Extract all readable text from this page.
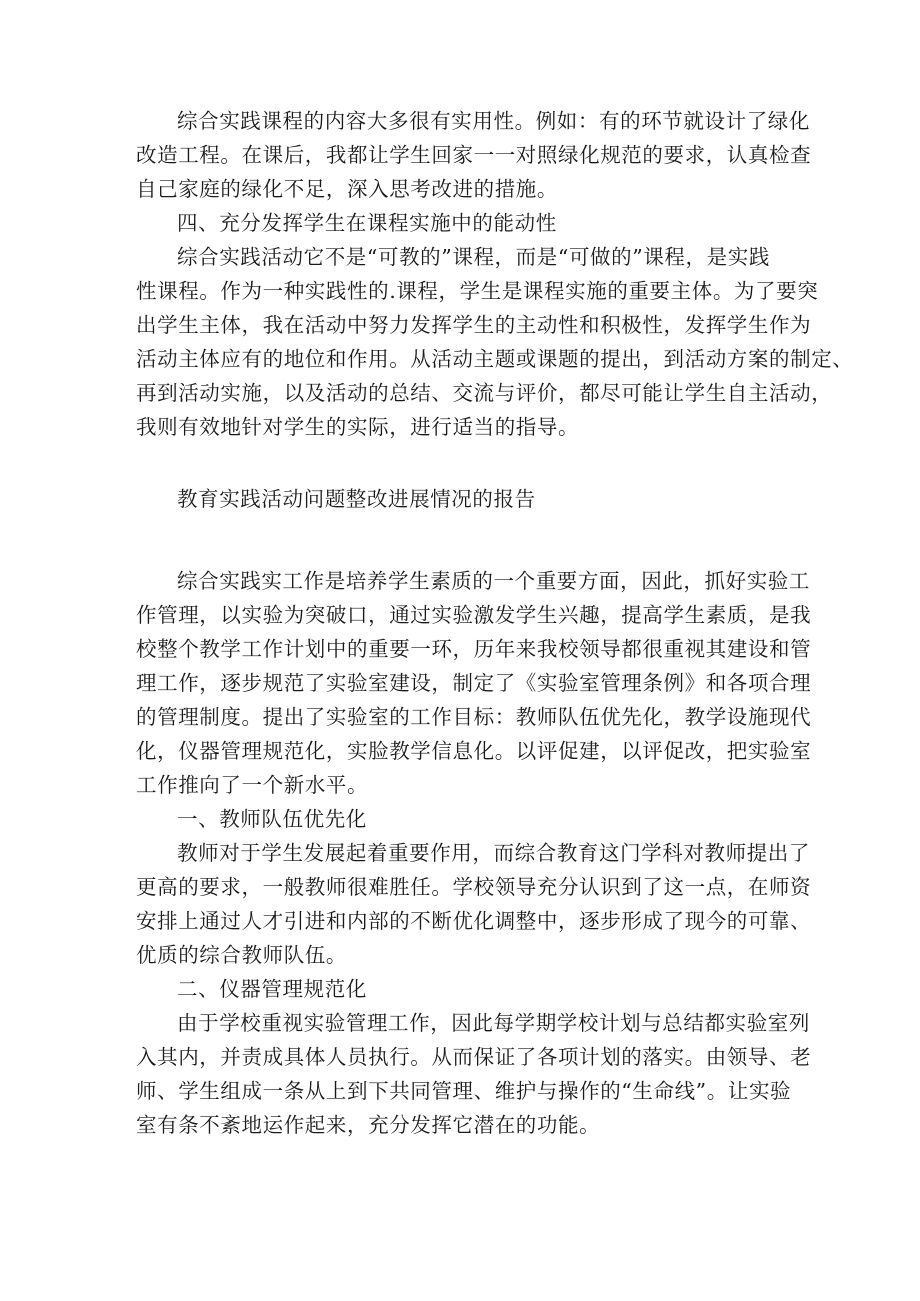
综合实践课程的内容大多很有实用性。例如：有的环节就设计了绿化
改造工程。在课后，我都让学生回家一一对照绿化规范的要求，认真检查
自己家庭的绿化不足，深入思考改进的措施。
四、充分发挥学生在课程实施中的能动性
综合实践活动它不是“可教的”课程，而是“可做的”课程，是实践
性课程。作为一种实践性的.课程，学生是课程实施的重要主体。为了要突
出学生主体，我在活动中努力发挥学生的主动性和积极性，发挥学生作为
活动主体应有的地位和作用。从活动主题或课题的提出，到活动方案的制定、
再到活动实施，以及活动的总结、交流与评价，都尽可能让学生自主活动，
我则有效地针对学生的实际，进行适当的指导。
教育实践活动问题整改进展情况的报告
综合实践实工作是培养学生素质的一个重要方面，因此，抓好实验工
作管理，以实验为突破口，通过实验激发学生兴趣，提高学生素质，是我
校整个教学工作计划中的重要一环，历年来我校领导都很重视其建设和管
理工作，逐步规范了实验室建设，制定了《实验室管理条例》和各项合理
的管理制度。提出了实验室的工作目标：教师队伍优先化，教学设施现代
化，仪器管理规范化，实脸教学信息化。以评促建，以评促改，把实验室
工作推向了一个新水平。
一、教师队伍优先化
教师对于学生发展起着重要作用，而综合教育这门学科对教师提出了
更高的要求，一般教师很难胜任。学校领导充分认识到了这一点，在师资
安排上通过人才引进和内部的不断优化调整中，逐步形成了现今的可靠、
优质的综合教师队伍。
二、仪器管理规范化
由于学校重视实验管理工作，因此每学期学校计划与总结都实验室列
入其内，并责成具体人员执行。从而保证了各项计划的落实。由领导、老
师、学生组成一条从上到下共同管理、维护与操作的“生命线”。让实验
室有条不紊地运作起来，充分发挥它潜在的功能。
